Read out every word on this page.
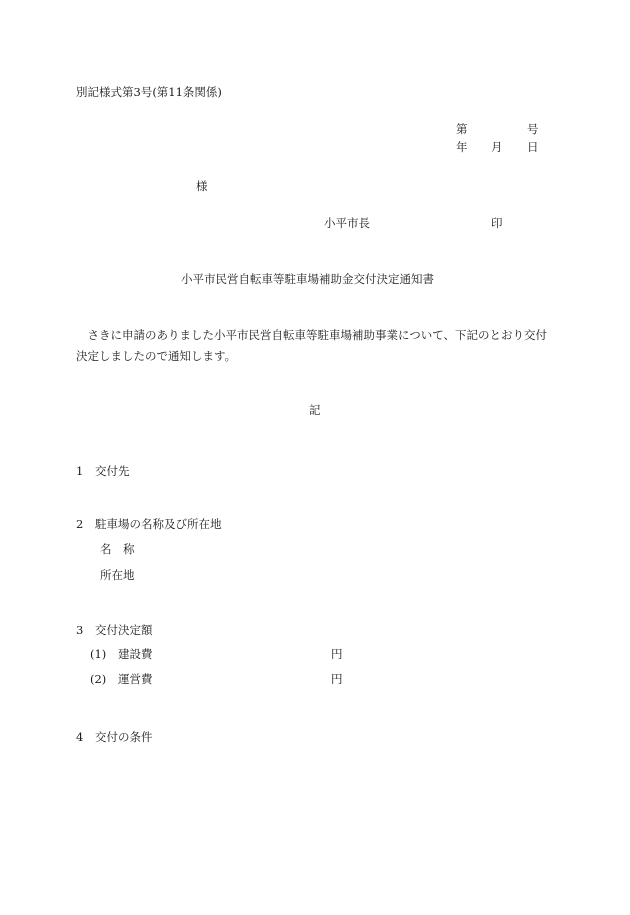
別記様式第3号(第11条関係)
第	号
年 月 日
様
小平市長	印
小平市民営自転車等駐車場補助金交付決定通知書
さきに申請のありました小平市民営自転車等駐車場補助事業について、下記のとおり交付決定しましたので通知します。
記
1 交付先
2 駐車場の名称及び所在地
名　称
所在地
3 交付決定額
(1) 建設費	円
(2) 運営費	円
4 交付の条件
